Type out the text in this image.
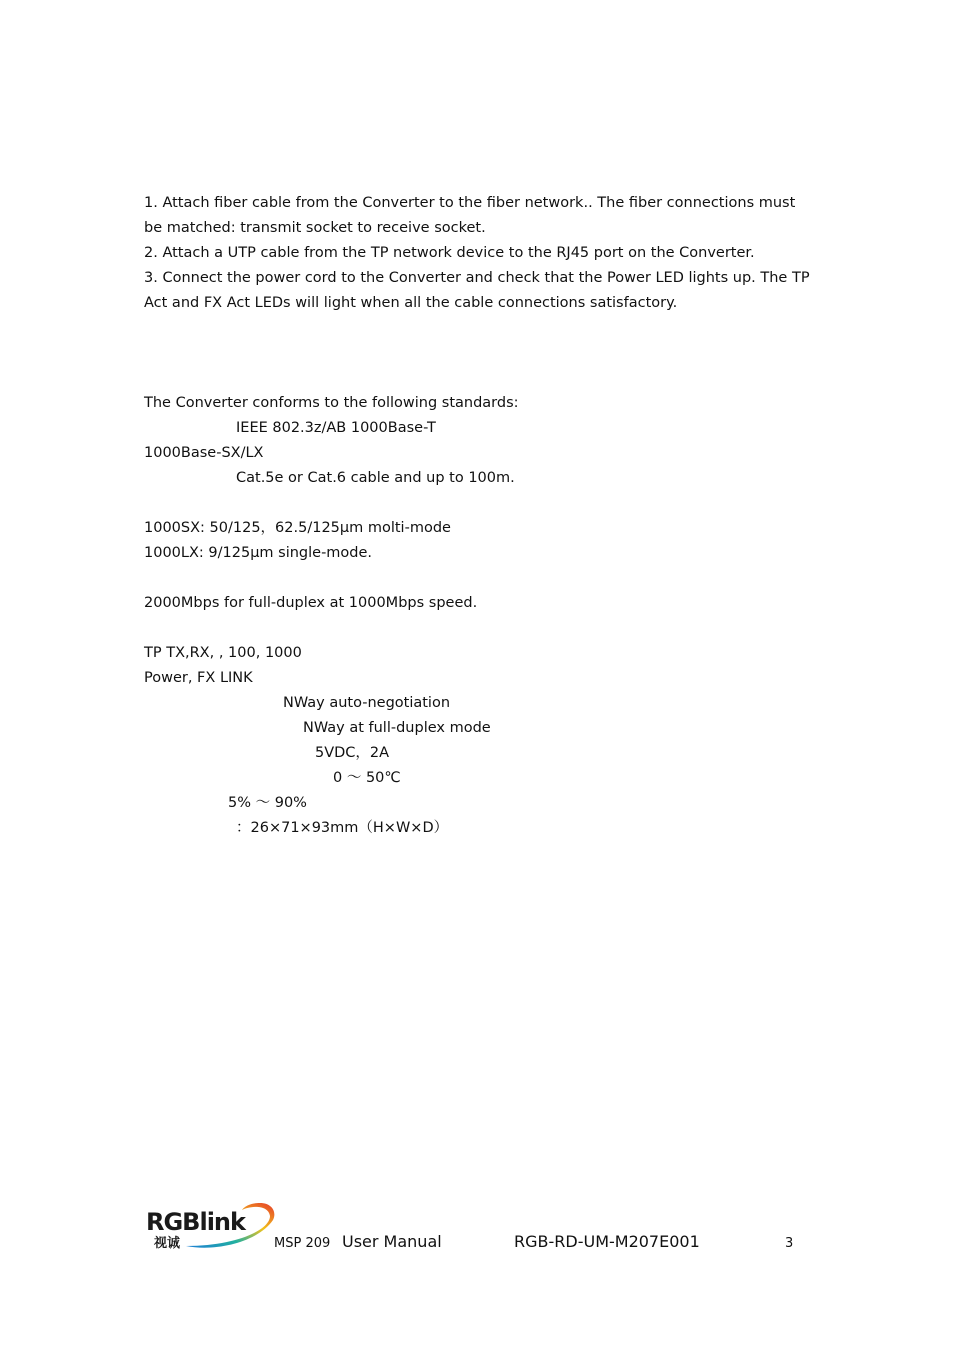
1. Attach fiber cable from the Converter to the fiber network.. The fiber connections must
be matched: transmit socket to receive socket.
2. Attach a UTP cable from the TP network device to the RJ45 port on the Converter.
3. Connect the power cord to the Converter and check that the Power LED lights up. The TP
Act and FX Act LEDs will light when all the cable connections satisfactory.
The Converter conforms to the following standards:
IEEE 802.3z/AB 1000Base-T
1000Base-SX/LX
Cat.5e or Cat.6 cable and up to 100m.
1000SX: 50/125，62.5/125μm molti-mode
1000LX: 9/125μm single-mode.
2000Mbps for full-duplex at 1000Mbps speed.
TP TX,RX, , 100, 1000
Power, FX LINK
NWay auto-negotiation
NWay at full-duplex mode
5VDC，2A
0 ～ 50℃
5% ～ 90%
：26×71×93mm（H×W×D）
RGBlink
视诚	MSP 209 User Manual	RGB-RD-UM-M207E001	3
